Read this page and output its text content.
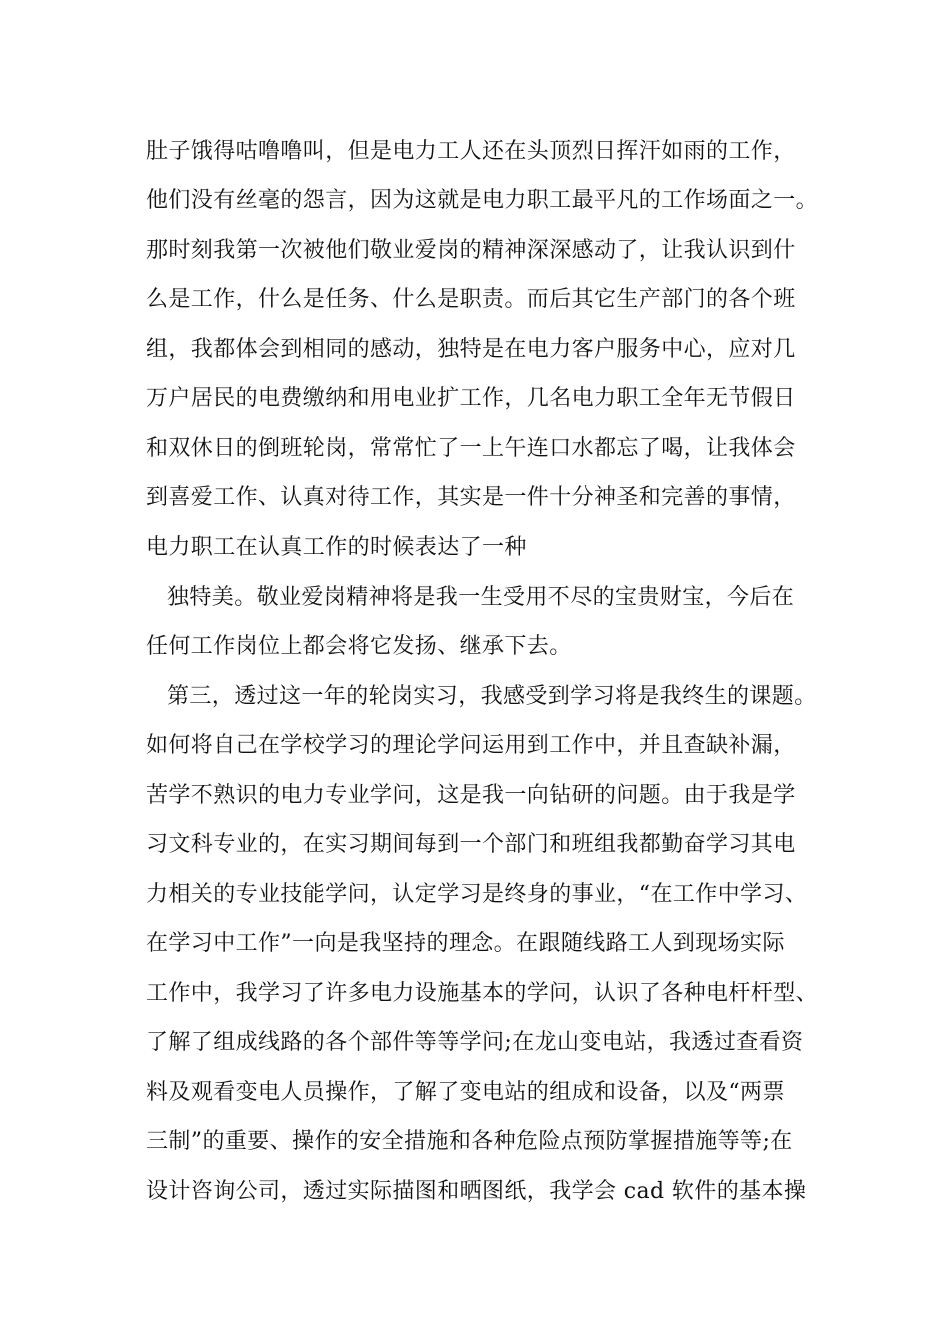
肚子饿得咕噜噜叫，但是电力工人还在头顶烈日挥汗如雨的工作，

他们没有丝毫的怨言，因为这就是电力职工最平凡的工作场面之一。

那时刻我第一次被他们敬业爱岗的精神深深感动了，让我认识到什

么是工作，什么是任务、什么是职责。而后其它生产部门的各个班

组，我都体会到相同的感动，独特是在电力客户服务中心，应对几

万户居民的电费缴纳和用电业扩工作，几名电力职工全年无节假日

和双休日的倒班轮岗，常常忙了一上午连口水都忘了喝，让我体会

到喜爱工作、认真对待工作，其实是一件十分神圣和完善的事情，

电力职工在认真工作的时候表达了一种

独特美。敬业爱岗精神将是我一生受用不尽的宝贵财宝，今后在

任何工作岗位上都会将它发扬、继承下去。

第三，透过这一年的轮岗实习，我感受到学习将是我终生的课题。

如何将自己在学校学习的理论学问运用到工作中，并且查缺补漏，

苦学不熟识的电力专业学问，这是我一向钻研的问题。由于我是学

习文科专业的，在实习期间每到一个部门和班组我都勤奋学习其电

力相关的专业技能学问，认定学习是终身的事业，“在工作中学习、

在学习中工作”一向是我坚持的理念。在跟随线路工人到现场实际

工作中，我学习了许多电力设施基本的学问，认识了各种电杆杆型、

了解了组成线路的各个部件等等学问;在龙山变电站，我透过查看资

料及观看变电人员操作，了解了变电站的组成和设备，以及“两票

三制”的重要、操作的安全措施和各种危险点预防掌握措施等等;在

设计咨询公司，透过实际描图和晒图纸，我学会 cad 软件的基本操
